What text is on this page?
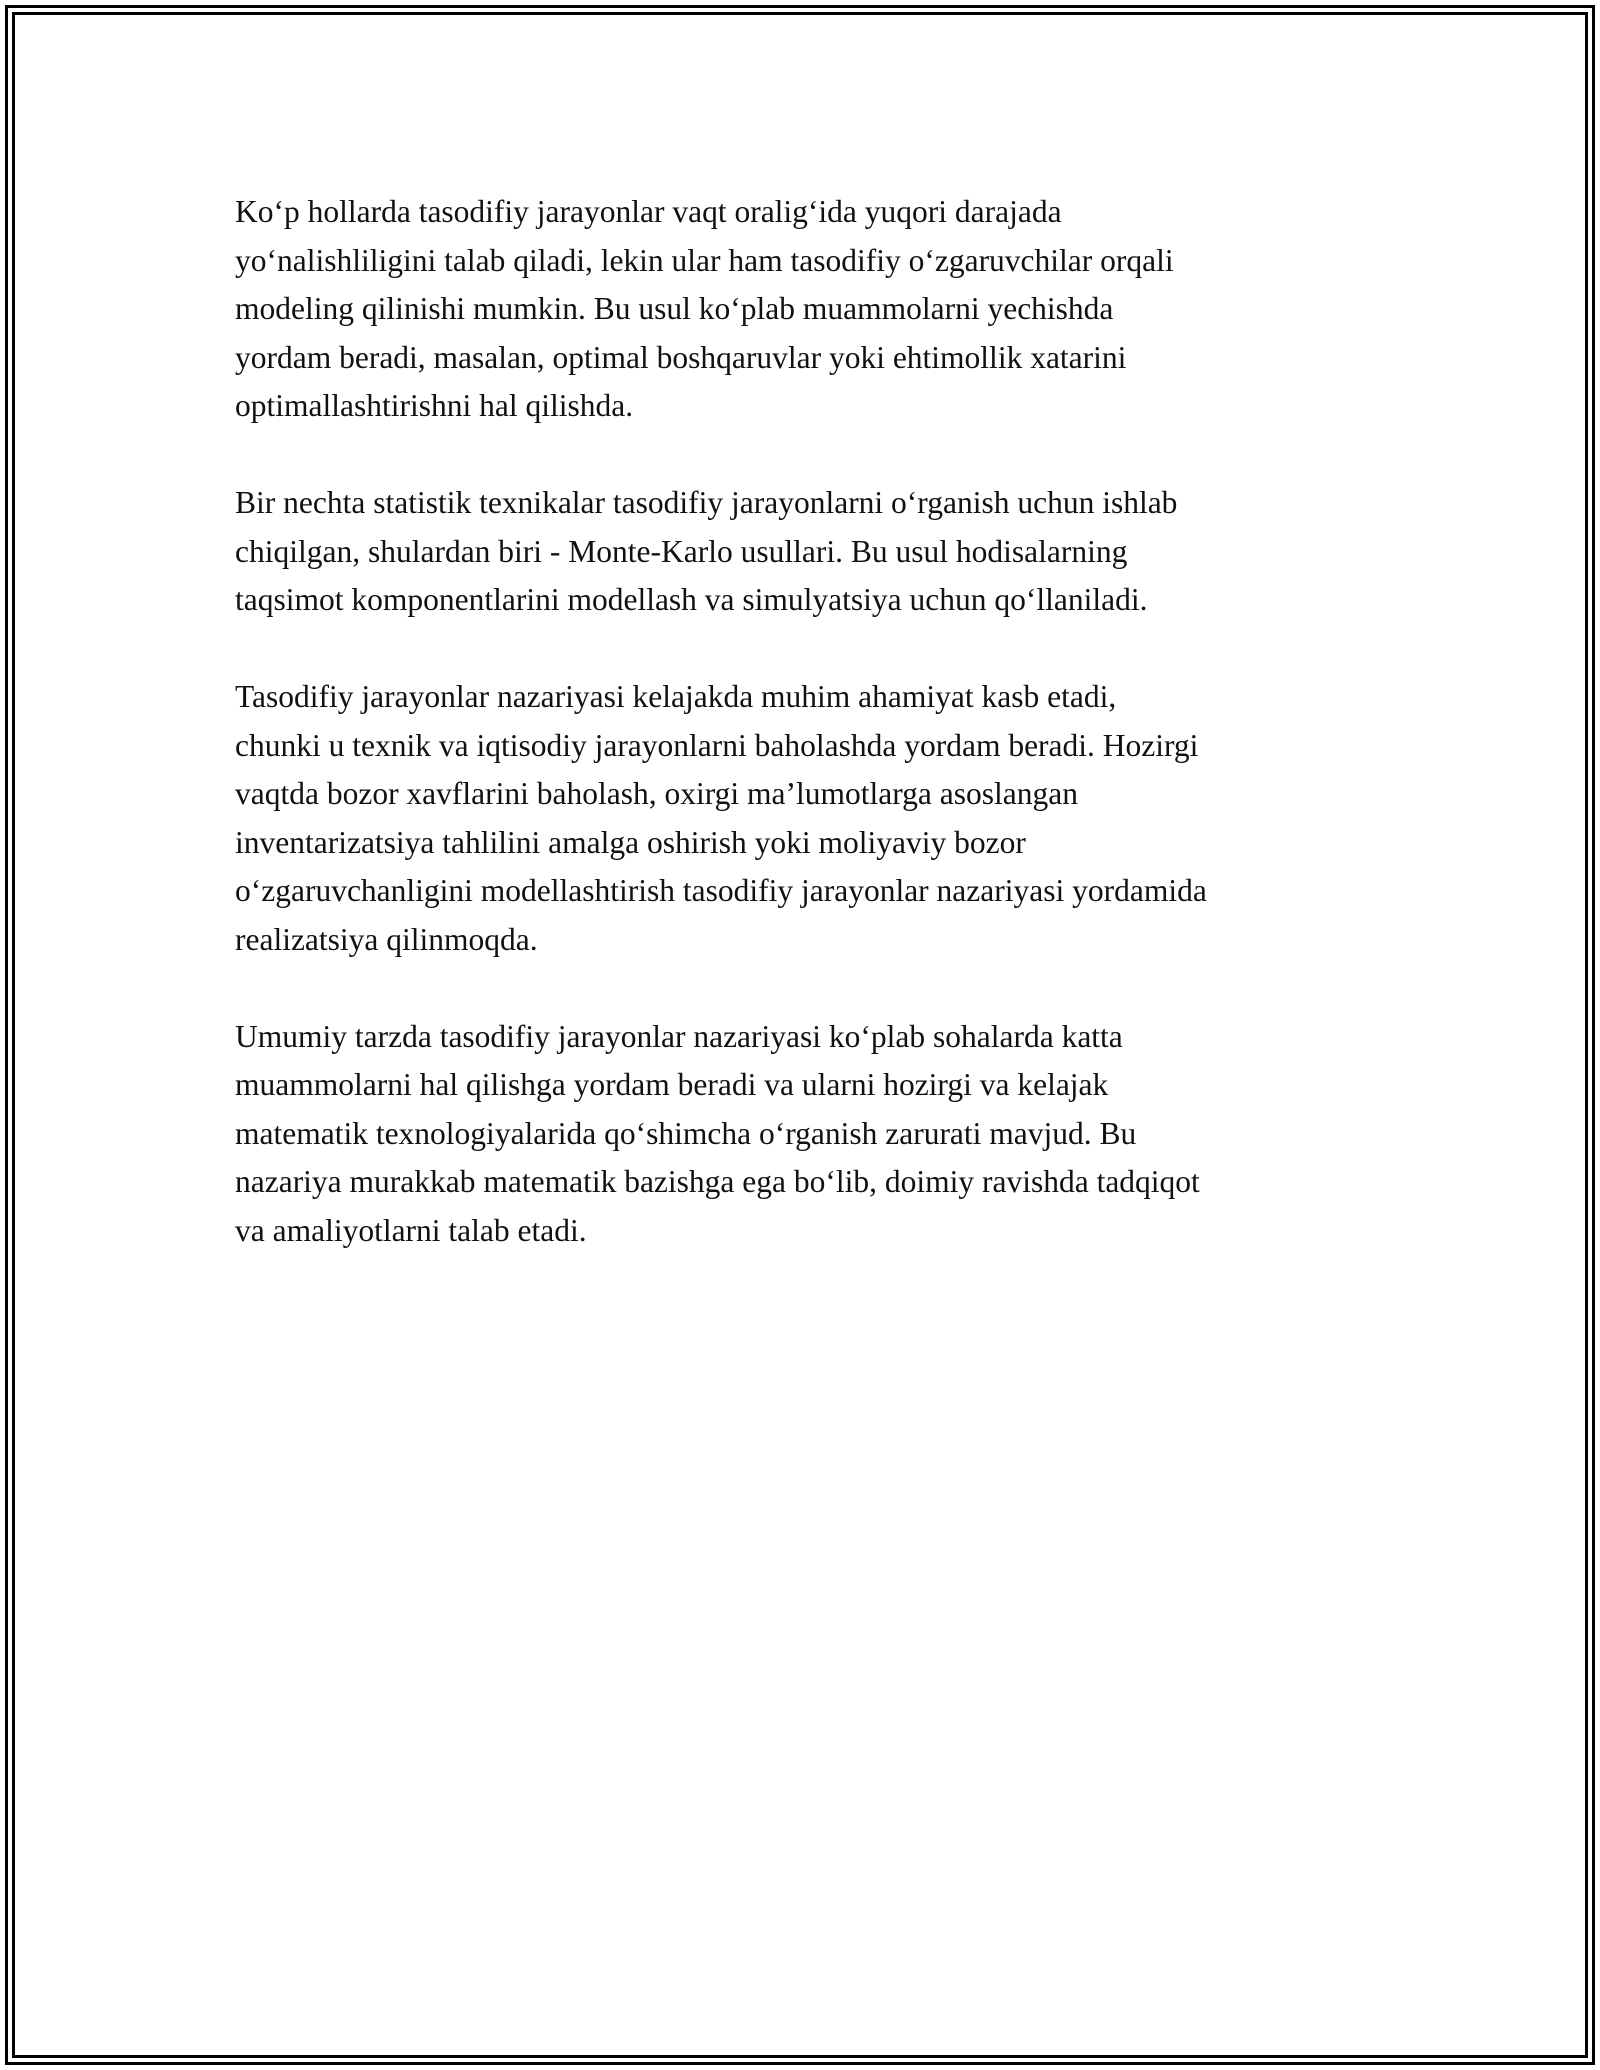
Ko‘p hollarda tasodifiy jarayonlar vaqt oralig‘ida yuqori darajada
yo‘nalishliligini talab qiladi, lekin ular ham tasodifiy o‘zgaruvchilar orqali
modeling qilinishi mumkin. Bu usul ko‘plab muammolarni yechishda
yordam beradi, masalan, optimal boshqaruvlar yoki ehtimollik xatarini
optimallashtirishni hal qilishda.

Bir nechta statistik texnikalar tasodifiy jarayonlarni o‘rganish uchun ishlab
chiqilgan, shulardan biri - Monte-Karlo usullari. Bu usul hodisalarning
taqsimot komponentlarini modellash va simulyatsiya uchun qo‘llaniladi.

Tasodifiy jarayonlar nazariyasi kelajakda muhim ahamiyat kasb etadi,
chunki u texnik va iqtisodiy jarayonlarni baholashda yordam beradi. Hozirgi
vaqtda bozor xavflarini baholash, oxirgi ma’lumotlarga asoslangan
inventarizatsiya tahlilini amalga oshirish yoki moliyaviy bozor
o‘zgaruvchanligini modellashtirish tasodifiy jarayonlar nazariyasi yordamida
realizatsiya qilinmoqda.

Umumiy tarzda tasodifiy jarayonlar nazariyasi ko‘plab sohalarda katta
muammolarni hal qilishga yordam beradi va ularni hozirgi va kelajak
matematik texnologiyalarida qo‘shimcha o‘rganish zarurati mavjud. Bu
nazariya murakkab matematik bazishga ega bo‘lib, doimiy ravishda tadqiqot
va amaliyotlarni talab etadi.
